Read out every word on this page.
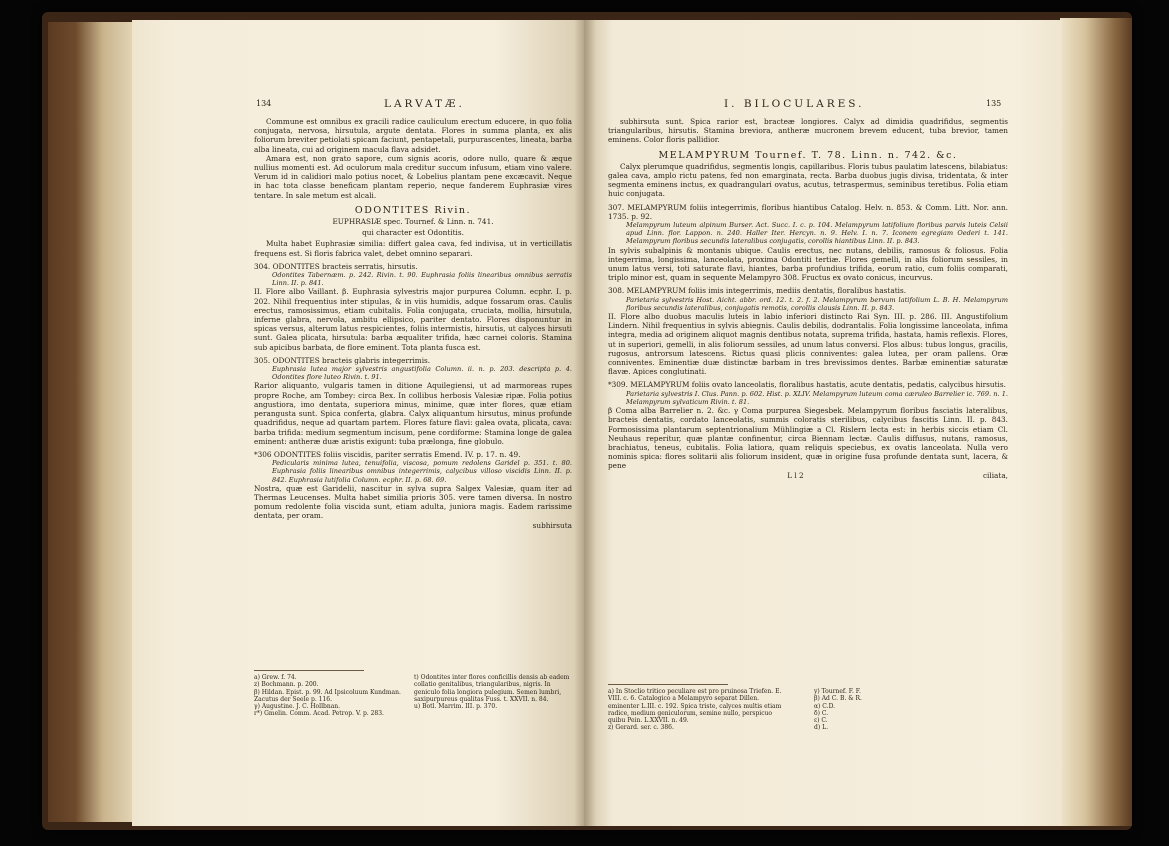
134	LARVATÆ.

Commune est omnibus ex gracili radice cauliculum erectum educere, in quo folia conjugata, nervosa, hirsutula, argute dentata. Flores in summa planta, ex alis foliorum breviter petiolati spicam faciunt, pentapetali, purpurascentes, lineata, barba alba lineata, cui ad originem macula flava adsidet.

Amara est, non grato sapore, cum signis acoris, odore nullo, quare & æque nullius momenti est. Ad oculorum mala creditur succum infusum, etiam vino valere. Verum id in calidiori malo potius nocet, & Lobelius plantam pene excæcavit. Neque in hac tota classe beneficam plantam reperio, neque fanderem Euphrasiæ vires tentare. In sale metum est alcali.

ODONTITES Rivin.

EUPHRASIÆ spec. Tournef. & Linn. n. 741.

qui character est Odontitis.

Multa habet Euphrasiæ similia: differt galea cava, fed indivisa, ut in verticillatis frequens est. Si floris fabrica valet, debet omnino separari.

304. ODONTITES bracteis serratis, hirsutis.

Odontites Tabernæm. p. 242. Rivin. t. 90. Euphrasia foliis linearibus omnibus serratis Linn. II. p. 841.

II. Flore albo Vaillant. β. Euphrasia sylvestris major purpurea Column. ecphr. I. p. 202. Nihil frequentius inter stipulas, & in viis humidis, adque fossarum oras. Caulis erectus, ramosissimus, etiam cubitalis. Folia conjugata, cruciata, mollia, hirsutula, inferne glabra, nervola, ambitu ellipsico, pariter dentato. Flores disponuntur in spicas versus, alterum latus respicientes, foliis intermistis, hirsutis, ut calyces hirsuti sunt. Galea plicata, hirsutula: barba æqualiter trifida, hæc carnei coloris. Stamina sub apicibus barbata, de flore eminent. Tota planta fusca est.

305. ODONTITES bracteis glabris integerrimis.

Euphrasia lutea major sylvestris angustifolia Column. ii. n. p. 203. descripta p. 4. Odontites flore luteo Rivin. t. 91.

Rarior aliquanto, vulgaris tamen in ditione Aquilegiensi, ut ad marmoreas rupes propre Roche, am Tombey: circa Bex. In collibus herbosis Valesiæ ripæ. Folia potius angustiora, imo dentata, superiora minus, minime, quæ inter flores, quæ etiam perangusta sunt. Spica conferta, glabra. Calyx aliquantum hirsutus, minus profunde quadrifidus, neque ad quartam partem. Flores fature flavi: galea ovata, plicata, cava: barba trifida: medium segmentum incisum, pene cordiforme: Stamina longe de galea eminent: antheræ duæ aristis exigunt: tuba prælonga, fine globulo.

*306 ODONTITES foliis viscidis, pariter serratis Emend. IV. p. 17. n. 49.

Pedicularis minima lutea, tenuifolia, viscosa, pomum redolens Garidel p. 351. t. 80. Euphrasia foliis linearibus omnibus integerrimis, calycibus villoso viscidis Linn. II. p. 842. Euphrasia lutifolia Column. ecphr. II. p. 68. 69.

Nostra, quæ est Garidelii, nascitur in sylva supra Salgex Valesiæ, quam iter ad Thermas Leucenses. Multa habet similia prioris 305. vere tamen diversa. In nostro pomum redolente folia viscida sunt, etiam adulta, juniora magis. Eadem rarissime dentata, per oram.

subhirsuta

a) Grew. f. 74.

z) Bochmann. p. 200.

β) Hildan. Epist. p. 99. Ad Ipsicoluum Kundman. Zacutus der Seele p. 116.

γ) Augustine. J. C. Hollbnan.

r*) Gmelin. Comm. Acad. Petrop. V. p. 283.

t) Odontites inter flores conficillis densis ab eadem collatio genitalibus, triangularibus, nigris. In geniculo folia longiora pulegium. Semen lumbri, saxipurpureus qualitas Fuss. t. XXVII. n. 84.

u) Botl. Marrim. III. p. 370.

I. BILOCULARES.	135

subhirsuta sunt. Spica rarior est, bracteæ longiores. Calyx ad dimidia quadrifidus, segmentis triangularibus, hirsutis. Stamina breviora, antheræ mucronem brevem educent, tuba brevior, tamen eminens. Color floris pallidior.

MELAMPYRUM Tournef. T. 78. Linn. n. 742. &c.

Calyx plerumque quadrifidus, segmentis longis, capillaribus. Floris tubus paulatim latescens, bilabiatus: galea cava, amplo rictu patens, fed non emarginata, recta. Barba duobus jugis divisa, tridentata, & inter segmenta eminens inctus, ex quadrangulari ovatus, acutus, tetraspermus, seminibus teretibus. Folia etiam huic conjugata.

307. MELAMPYRUM foliis integerrimis, floribus hiantibus Catalog. Helv. n. 853. & Comm. Litt. Nor. ann. 1735. p. 92.

Melampyrum luteum alpinum Burser. Act. Succ. I. c. p. 104. Melampyrum latifolium floribus parvis luteis Celsii apud Linn. flor. Lappon. n. 240. Haller Iter. Hercyn. n. 9. Helv. I. n. 7. Iconem egregiam Oederi t. 141. Melampyrum floribus secundis lateralibus conjugatis, corollis hiantibus Linn. II. p. 843.

In sylvis subalpinis & montanis ubique. Caulis erectus, nec nutans, debilis, ramosus & foliosus. Folia integerrima, longissima, lanceolata, proxima Odontiti tertiæ. Flores gemelli, in alis foliorum sessiles, in unum latus versi, toti saturate flavi, hiantes, barba profundius trifida, eorum ratio, cum foliis comparati, triplo minor est, quam in sequente Melampyro 308. Fructus ex ovato conicus, incurvus.

308. MELAMPYRUM foliis imis integerrimis, mediis dentatis, floralibus hastatis.

Parietaria sylvestris Host. Aicht. abbr. ord. 12. t. 2. f. 2. Melampyrum bervum latifolium L. B. H. Melampyrum floribus secundis lateralibus, conjugatis remotis, corollis clausis Linn. II. p. 843.

II. Flore albo duobus maculis luteis in labio inferiori distincto Rai Syn. III. p. 286. III. Angustifolium Lindern. Nihil frequentius in sylvis abiegnis. Caulis debilis, dodrantalis. Folia longissime lanceolata, infima integra, media ad originem aliquot magnis dentibus notata, suprema trifida, hastata, hamis reflexis. Flores, ut in superiori, gemelli, in alis foliorum sessiles, ad unum latus conversi. Flos albus: tubus longus, gracilis, rugosus, antrorsum latescens. Rictus quasi plicis conniventes: galea lutea, per oram pallens. Oræ conniventes. Eminentiæ duæ distinctæ barbam in tres brevissimos dentes. Barbæ eminentiæ saturatæ flavæ. Apices conglutinati.

*309. MELAMPYRUM foliis ovato lanceolatis, floralibus hastatis, acute dentatis, pedatis, calycibus hirsutis.

Parietaria sylvestris I. Clus. Pann. p. 602. Hist. p. XLIV. Melampyrum luteum coma cæruleo Barrelier ic. 769. n. 1. Melampyrum sylvaticum Rivin. t. 81.

β Coma alba Barrelier n. 2. &c. γ Coma purpurea Siegesbek. Melampyrum floribus fasciatis lateralibus, bracteis dentatis, cordato lanceolatis, summis coloratis sterilibus, calycibus fascitis Linn. II. p. 843. Formosissima plantarum septentrionalium Mühlingiæ a Cl. Rislern lecta est: in herbis siccis etiam Cl. Neuhaus reperitur, quæ plantæ confinentur, circa Biennam lectæ. Caulis diffusus, nutans, ramosus, brachiatus, teneus, cubitalis. Folia latiora, quam reliquis speciebus, ex ovatis lanceolata. Nulla vero nominis spica: flores solitarii alis foliorum insident, quæ in origine fusa profunde dentata sunt, lacera, & pene

L l 2	ciliata,

a) In Stoclio tritico peculiare est pro pruinosa Triefen. E. VIII. c. 6. Catalogico a Melampyro separat Dillen. eminenter L.III. c. 192. Spica triste, calyces multis etiam radice, medium geniculorum, semine nullo, perspicuo quibu Pein. L.XXVII. n. 49.

z) Gerard. ser. c. 386.

y) Tournef. F. F.

β) Ad C. B. & R.

α) C.D.

δ) C.

ε) C.

d) L.
